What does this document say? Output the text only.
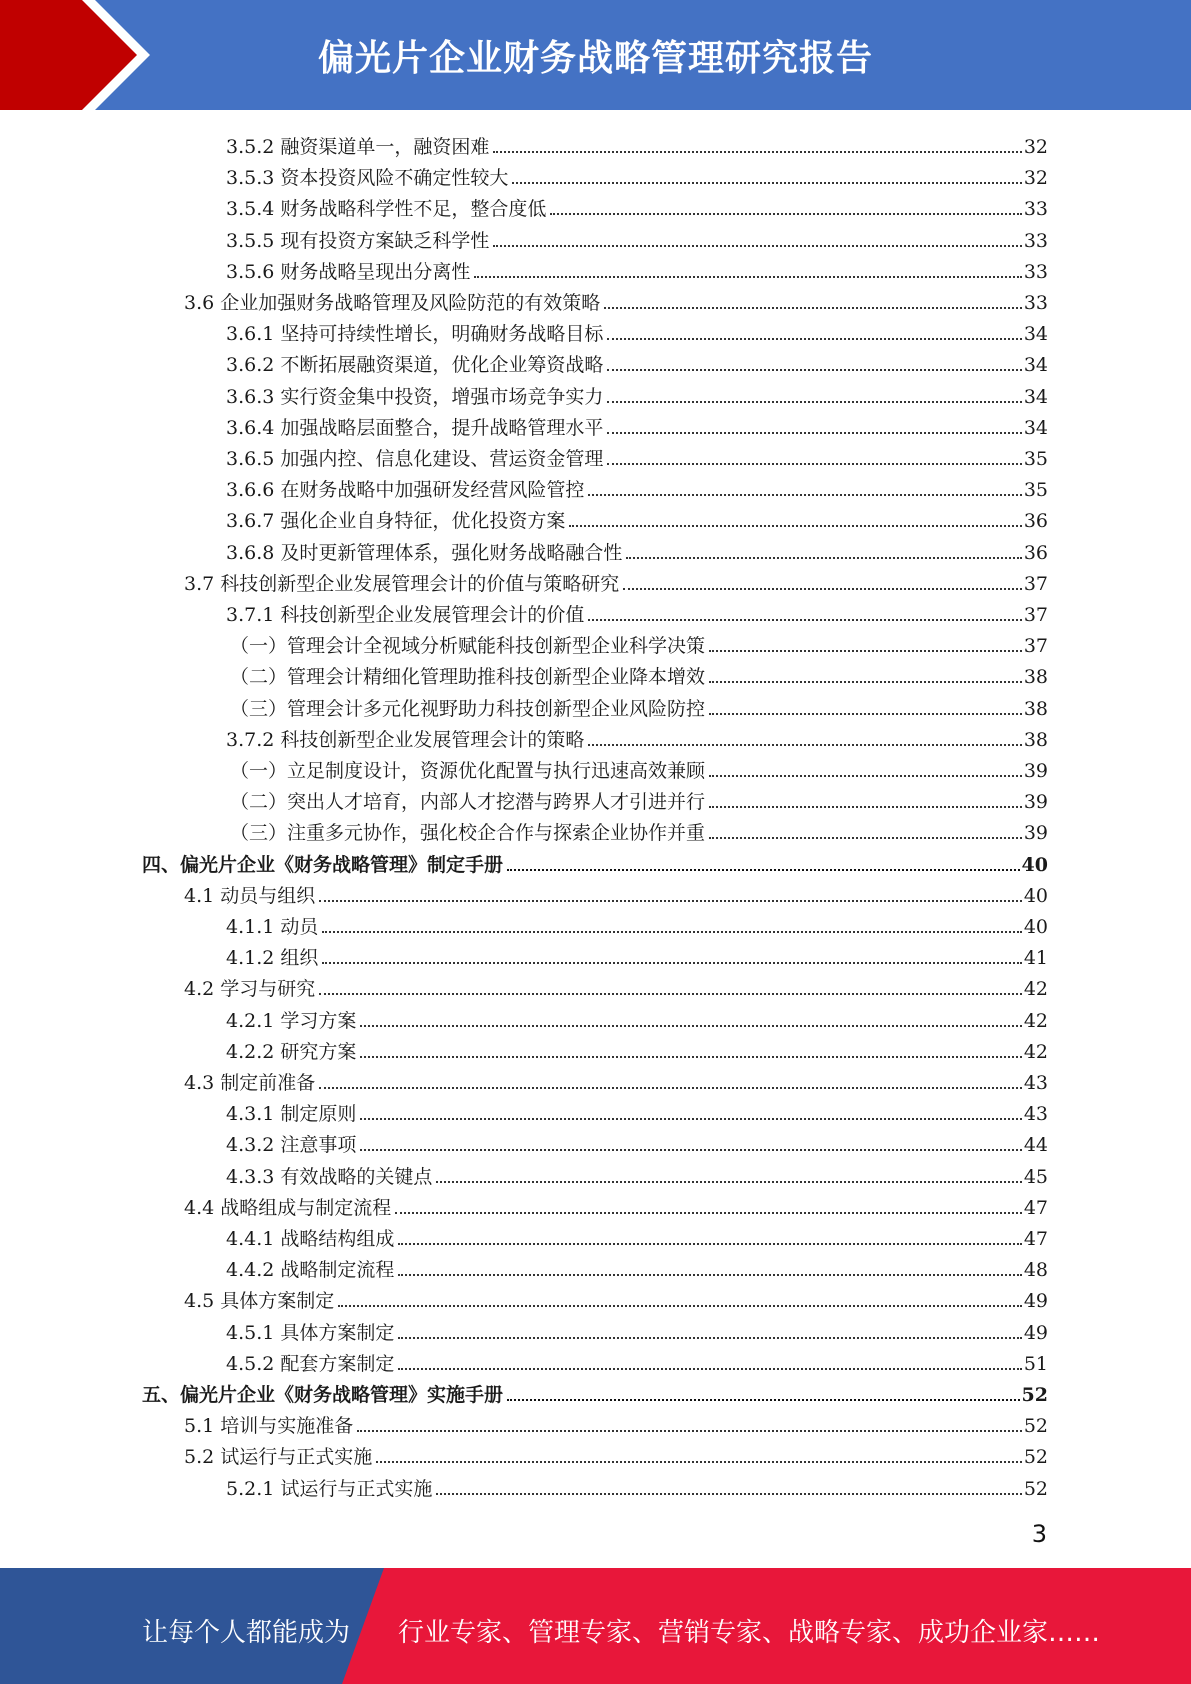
偏光片企业财务战略管理研究报告
3.5.2 融资渠道单一，融资困难	32
3.5.3 资本投资风险不确定性较大	32
3.5.4 财务战略科学性不足，整合度低	33
3.5.5 现有投资方案缺乏科学性	33
3.5.6 财务战略呈现出分离性	33
3.6 企业加强财务战略管理及风险防范的有效策略	33
3.6.1 坚持可持续性增长，明确财务战略目标	34
3.6.2 不断拓展融资渠道，优化企业筹资战略	34
3.6.3 实行资金集中投资，增强市场竞争实力	34
3.6.4 加强战略层面整合，提升战略管理水平	34
3.6.5 加强内控、信息化建设、营运资金管理	35
3.6.6 在财务战略中加强研发经营风险管控	35
3.6.7 强化企业自身特征，优化投资方案	36
3.6.8 及时更新管理体系，强化财务战略融合性	36
3.7 科技创新型企业发展管理会计的价值与策略研究	37
3.7.1 科技创新型企业发展管理会计的价值	37
（一）管理会计全视域分析赋能科技创新型企业科学决策	37
（二）管理会计精细化管理助推科技创新型企业降本增效	38
（三）管理会计多元化视野助力科技创新型企业风险防控	38
3.7.2 科技创新型企业发展管理会计的策略	38
（一）立足制度设计，资源优化配置与执行迅速高效兼顾	39
（二）突出人才培育，内部人才挖潜与跨界人才引进并行	39
（三）注重多元协作，强化校企合作与探索企业协作并重	39
四、偏光片企业《财务战略管理》制定手册	40
4.1 动员与组织	40
4.1.1 动员	40
4.1.2 组织	41
4.2 学习与研究	42
4.2.1 学习方案	42
4.2.2 研究方案	42
4.3 制定前准备	43
4.3.1 制定原则	43
4.3.2 注意事项	44
4.3.3 有效战略的关键点	45
4.4 战略组成与制定流程	47
4.4.1 战略结构组成	47
4.4.2 战略制定流程	48
4.5 具体方案制定	49
4.5.1 具体方案制定	49
4.5.2 配套方案制定	51
五、偏光片企业《财务战略管理》实施手册	52
5.1 培训与实施准备	52
5.2 试运行与正式实施	52
5.2.1 试运行与正式实施	52
3
让每个人都能成为 行业专家、管理专家、营销专家、战略专家、成功企业家……
